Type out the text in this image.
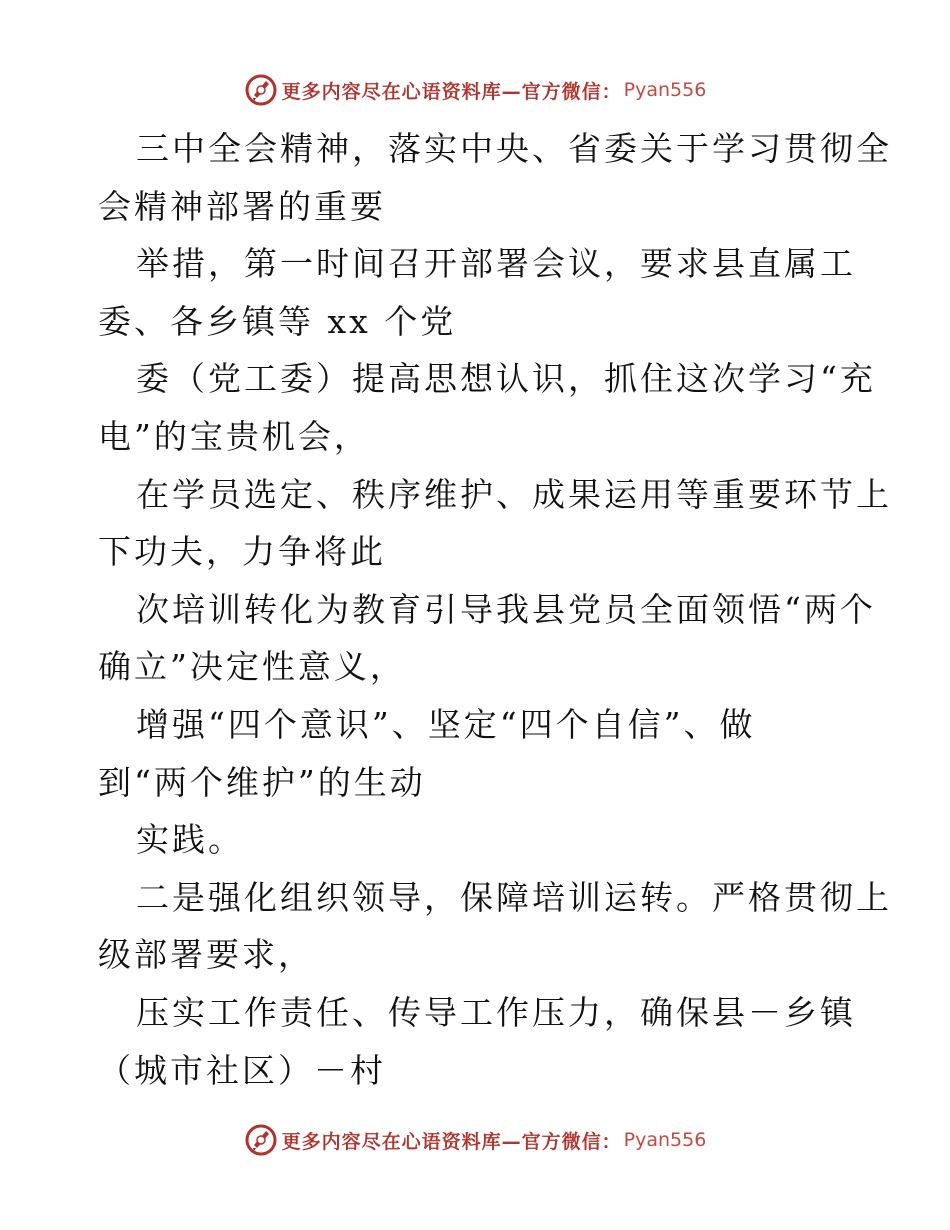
更多内容尽在心语资料库—官方微信： Pyan556
三中全会精神，落实中央、省委关于学习贯彻全
会精神部署的重要
举措，第一时间召开部署会议，要求县直属工
委、各乡镇等 xx 个党
委（党工委）提高思想认识，抓住这次学习“充
电”的宝贵机会，
在学员选定、秩序维护、成果运用等重要环节上
下功夫，力争将此
次培训转化为教育引导我县党员全面领悟“两个
确立”决定性意义，
增强“四个意识”、坚定“四个自信”、做
到“两个维护”的生动
实践。
二是强化组织领导，保障培训运转。严格贯彻上
级部署要求，
压实工作责任、传导工作压力，确保县－乡镇
（城市社区）－村
更多内容尽在心语资料库—官方微信： Pyan556
